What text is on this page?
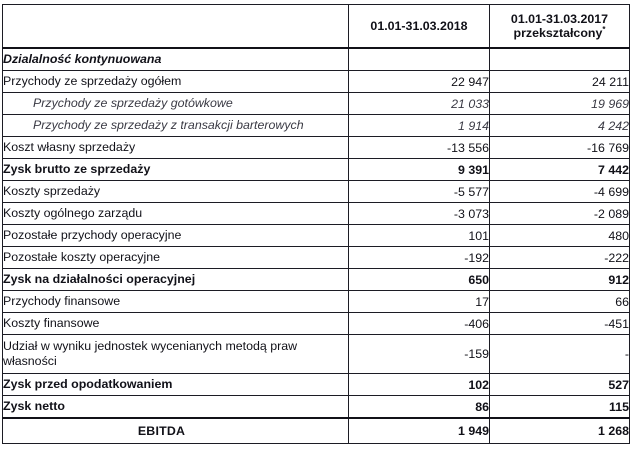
	01.01-31.03.2018	01.01-31.03.2017
przekształcony*

Dzialalność kontynuowana		
Przychody ze sprzedaży ogółem	22 947	24 211
Przychody ze sprzedaży gotówkowe	21 033	19 969
Przychody ze sprzedaży z transakcji barterowych	1 914	4 242
Koszt własny sprzedaży	-13 556	-16 769
Zysk brutto ze sprzedaży	9 391	7 442
Koszty sprzedaży	-5 577	-4 699
Koszty ogólnego zarządu	-3 073	-2 089
Pozostałe przychody operacyjne	101	480
Pozostałe koszty operacyjne	-192	-222
Zysk na działalności operacyjnej	650	912
Przychody finansowe	17	66
Koszty finansowe	-406	-451
Udział w wyniku jednostek wycenianych metodą praw własności	-159	-
Zysk przed opodatkowaniem	102	527
Zysk netto	86	115
EBITDA	1 949	1 268
